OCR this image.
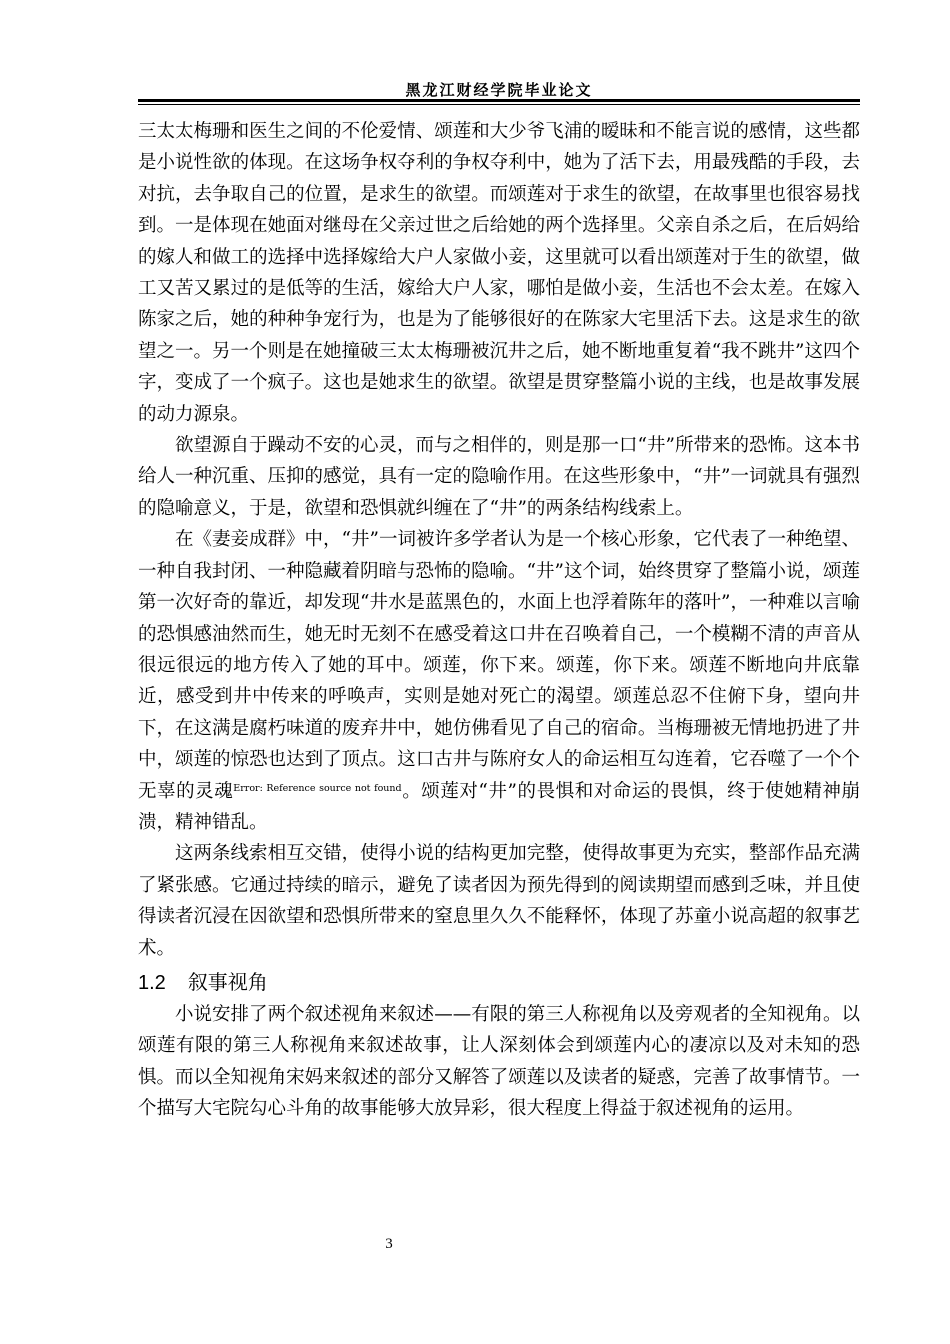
黑龙江财经学院毕业论文

三太太梅珊和医生之间的不伦爱情、颂莲和大少爷飞浦的暧昧和不能言说的感情，这些都是小说性欲的体现。在这场争权夺利的争权夺利中，她为了活下去，用最残酷的手段，去对抗，去争取自己的位置，是求生的欲望。而颂莲对于求生的欲望，在故事里也很容易找到。一是体现在她面对继母在父亲过世之后给她的两个选择里。父亲自杀之后，在后妈给的嫁人和做工的选择中选择嫁给大户人家做小妾，这里就可以看出颂莲对于生的欲望，做工又苦又累过的是低等的生活，嫁给大户人家，哪怕是做小妾，生活也不会太差。在嫁入陈家之后，她的种种争宠行为，也是为了能够很好的在陈家大宅里活下去。这是求生的欲望之一。另一个则是在她撞破三太太梅珊被沉井之后，她不断地重复着“我不跳井”这四个字，变成了一个疯子。这也是她求生的欲望。欲望是贯穿整篇小说的主线，也是故事发展的动力源泉。

欲望源自于躁动不安的心灵，而与之相伴的，则是那一口“井”所带来的恐怖。这本书给人一种沉重、压抑的感觉，具有一定的隐喻作用。在这些形象中，“井”一词就具有强烈的隐喻意义，于是，欲望和恐惧就纠缠在了“井”的两条结构线索上。

在《妻妾成群》中，“井”一词被许多学者认为是一个核心形象，它代表了一种绝望、一种自我封闭、一种隐藏着阴暗与恐怖的隐喻。“井”这个词，始终贯穿了整篇小说，颂莲第一次好奇的靠近，却发现“井水是蓝黑色的，水面上也浮着陈年的落叶”，一种难以言喻的恐惧感油然而生，她无时无刻不在感受着这口井在召唤着自己，一个模糊不清的声音从很远很远的地方传入了她的耳中。颂莲，你下来。颂莲，你下来。颂莲不断地向井底靠近，感受到井中传来的呼唤声，实则是她对死亡的渴望。颂莲总忍不住俯下身，望向井下，在这满是腐朽味道的废弃井中，她仿佛看见了自己的宿命。当梅珊被无情地扔进了井中，颂莲的惊恐也达到了顶点。这口古井与陈府女人的命运相互勾连着，它吞噬了一个个无辜的灵魂$^{Error: Reference source not found}$。颂莲对“井”的畏惧和对命运的畏惧，终于使她精神崩溃，精神错乱。

这两条线索相互交错，使得小说的结构更加完整，使得故事更为充实，整部作品充满了紧张感。它通过持续的暗示，避免了读者因为预先得到的阅读期望而感到乏味，并且使得读者沉浸在因欲望和恐惧所带来的窒息里久久不能释怀，体现了苏童小说高超的叙事艺术。

1.2 叙事视角

小说安排了两个叙述视角来叙述——有限的第三人称视角以及旁观者的全知视角。以颂莲有限的第三人称视角来叙述故事，让人深刻体会到颂莲内心的凄凉以及对未知的恐惧。而以全知视角宋妈来叙述的部分又解答了颂莲以及读者的疑惑，完善了故事情节。一个描写大宅院勾心斗角的故事能够大放异彩，很大程度上得益于叙述视角的运用。

3
